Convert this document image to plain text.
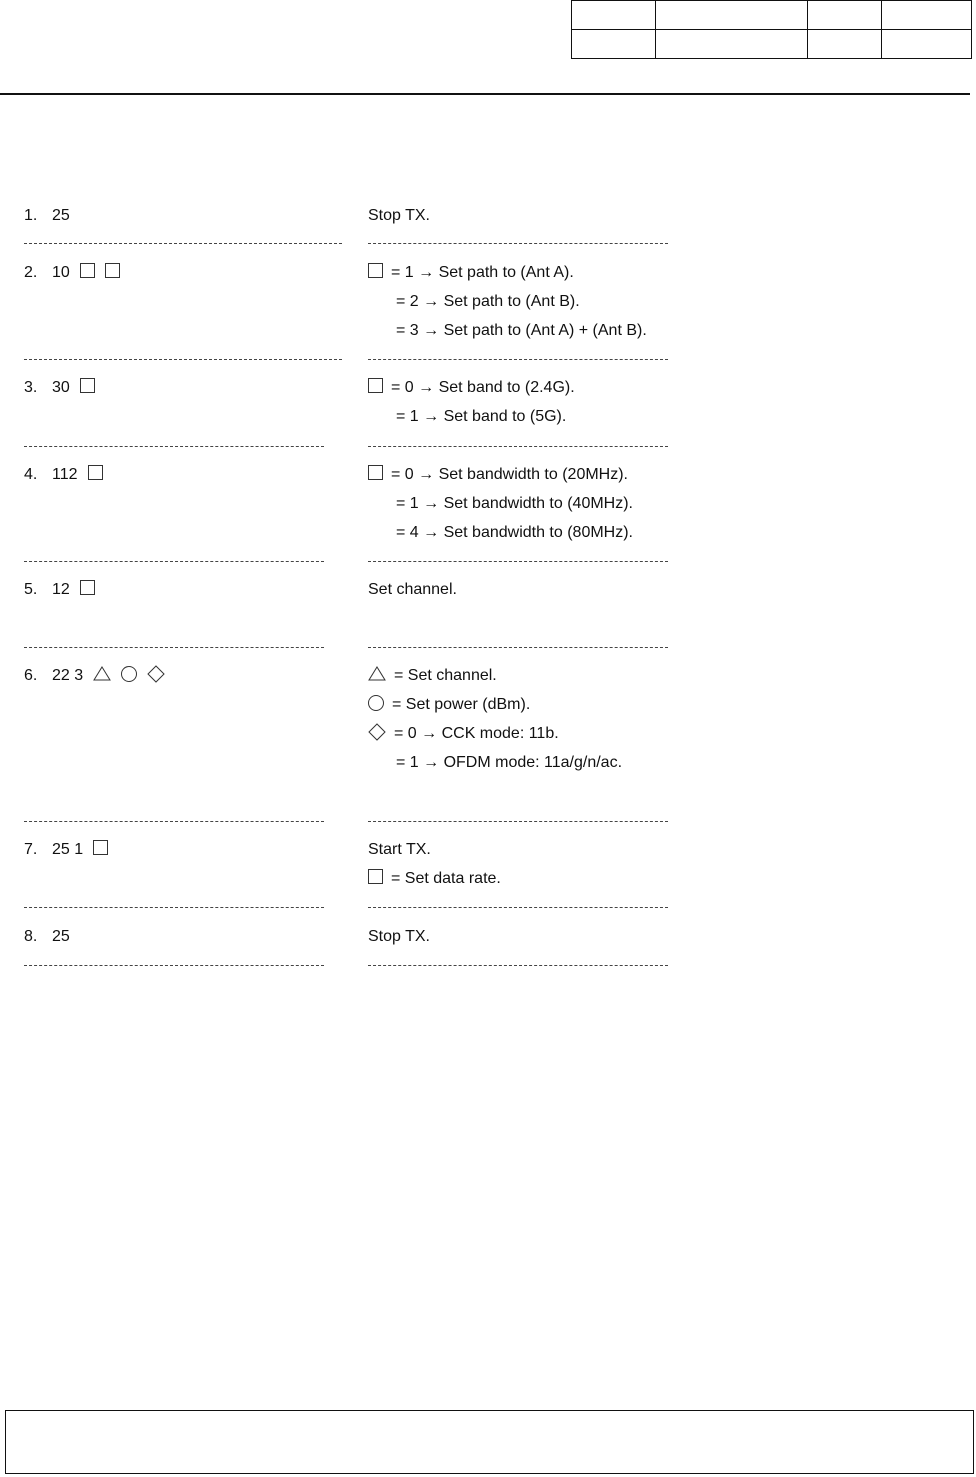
1. 25	Stop TX.
2. 10	= 1 → Set path to (Ant A).
= 2 → Set path to (Ant B).
= 3 → Set path to (Ant A) + (Ant B).
3. 30	= 0 → Set band to (2.4G).
= 1 → Set band to (5G).
4. 112	= 0 → Set bandwidth to (20MHz).
= 1 → Set bandwidth to (40MHz).
= 4 → Set bandwidth to (80MHz).
5. 12	Set channel.
6. 22 3	= Set channel.
= Set power (dBm).
= 0 → CCK mode: 11b.
= 1 → OFDM mode: 11a/g/n/ac.
7. 25 1	Start TX.
= Set data rate.
8. 25	Stop TX.
